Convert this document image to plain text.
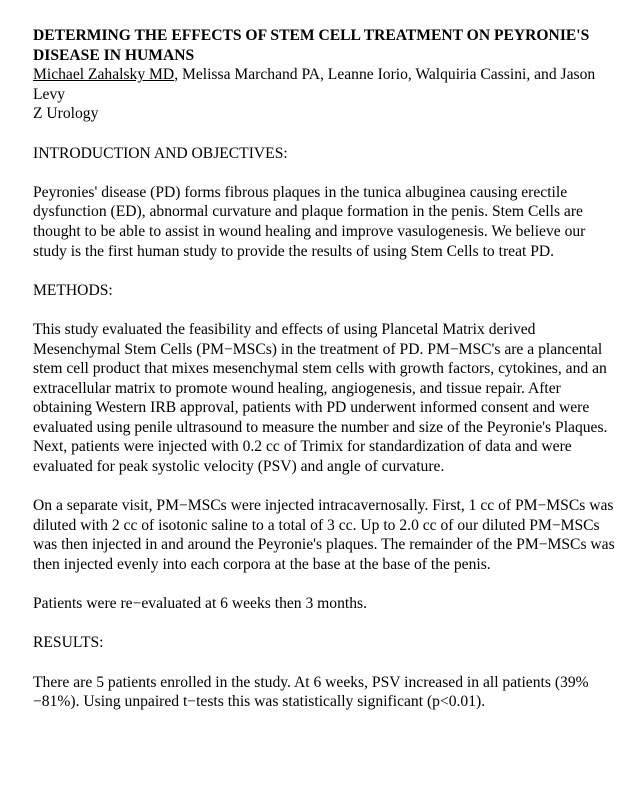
DETERMING THE EFFECTS OF STEM CELL TREATMENT ON PEYRONIE'S DISEASE IN HUMANS

Michael Zahalsky MD, Melissa Marchand PA, Leanne Iorio, Walquiria Cassini, and Jason Levy

Z Urology

INTRODUCTION AND OBJECTIVES:

Peyronies' disease (PD) forms fibrous plaques in the tunica albuginea causing erectile dysfunction (ED), abnormal curvature and plaque formation in the penis. Stem Cells are thought to be able to assist in wound healing and improve vasulogenesis. We believe our study is the first human study to provide the results of using Stem Cells to treat PD.

METHODS:

This study evaluated the feasibility and effects of using Plancetal Matrix derived Mesenchymal Stem Cells (PM−MSCs) in the treatment of PD. PM−MSC's are a plancental stem cell product that mixes mesenchymal stem cells with growth factors, cytokines, and an extracellular matrix to promote wound healing, angiogenesis, and tissue repair. After obtaining Western IRB approval, patients with PD underwent informed consent and were evaluated using penile ultrasound to measure the number and size of the Peyronie's Plaques. Next, patients were injected with 0.2 cc of Trimix for standardization of data and were evaluated for peak systolic velocity (PSV) and angle of curvature.

On a separate visit, PM−MSCs were injected intracavernosally. First, 1 cc of PM−MSCs was diluted with 2 cc of isotonic saline to a total of 3 cc. Up to 2.0 cc of our diluted PM−MSCs was then injected in and around the Peyronie's plaques. The remainder of the PM−MSCs was then injected evenly into each corpora at the base at the base of the penis.

Patients were re−evaluated at 6 weeks then 3 months.

RESULTS:

There are 5 patients enrolled in the study. At 6 weeks, PSV increased in all patients (39%−81%). Using unpaired t−tests this was statistically significant (p<0.01).
